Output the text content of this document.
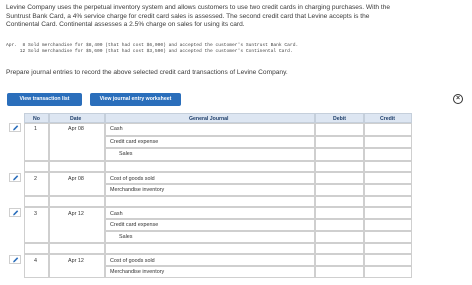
Levine Company uses the perpetual inventory system and allows customers to use two credit cards in charging purchases. With the
Suntrust Bank Card, a 4% service charge for credit card sales is assessed. The second credit card that Levine accepts is the
Continental Card. Continental assesses a 2.5% charge on sales for using its card.
Apr.  8 Sold merchandise for $8,400 (that had cost $6,000) and accepted the customer's Suntrust Bank Card.
12 Sold merchandise for $5,600 (that had cost $3,500) and accepted the customer's Continental Card.
Prepare journal entries to record the above selected credit card transactions of Levine Company.
View transaction list	View journal entry worksheet	×
No	Date	General Journal	Debit	Credit
1	Apr 08	Cash
Credit card expense
Sales
2	Apr 08	Cost of goods sold
Merchandise inventory
3	Apr 12	Cash
Credit card expense
Sales
4	Apr 12	Cost of goods sold
Merchandise inventory
